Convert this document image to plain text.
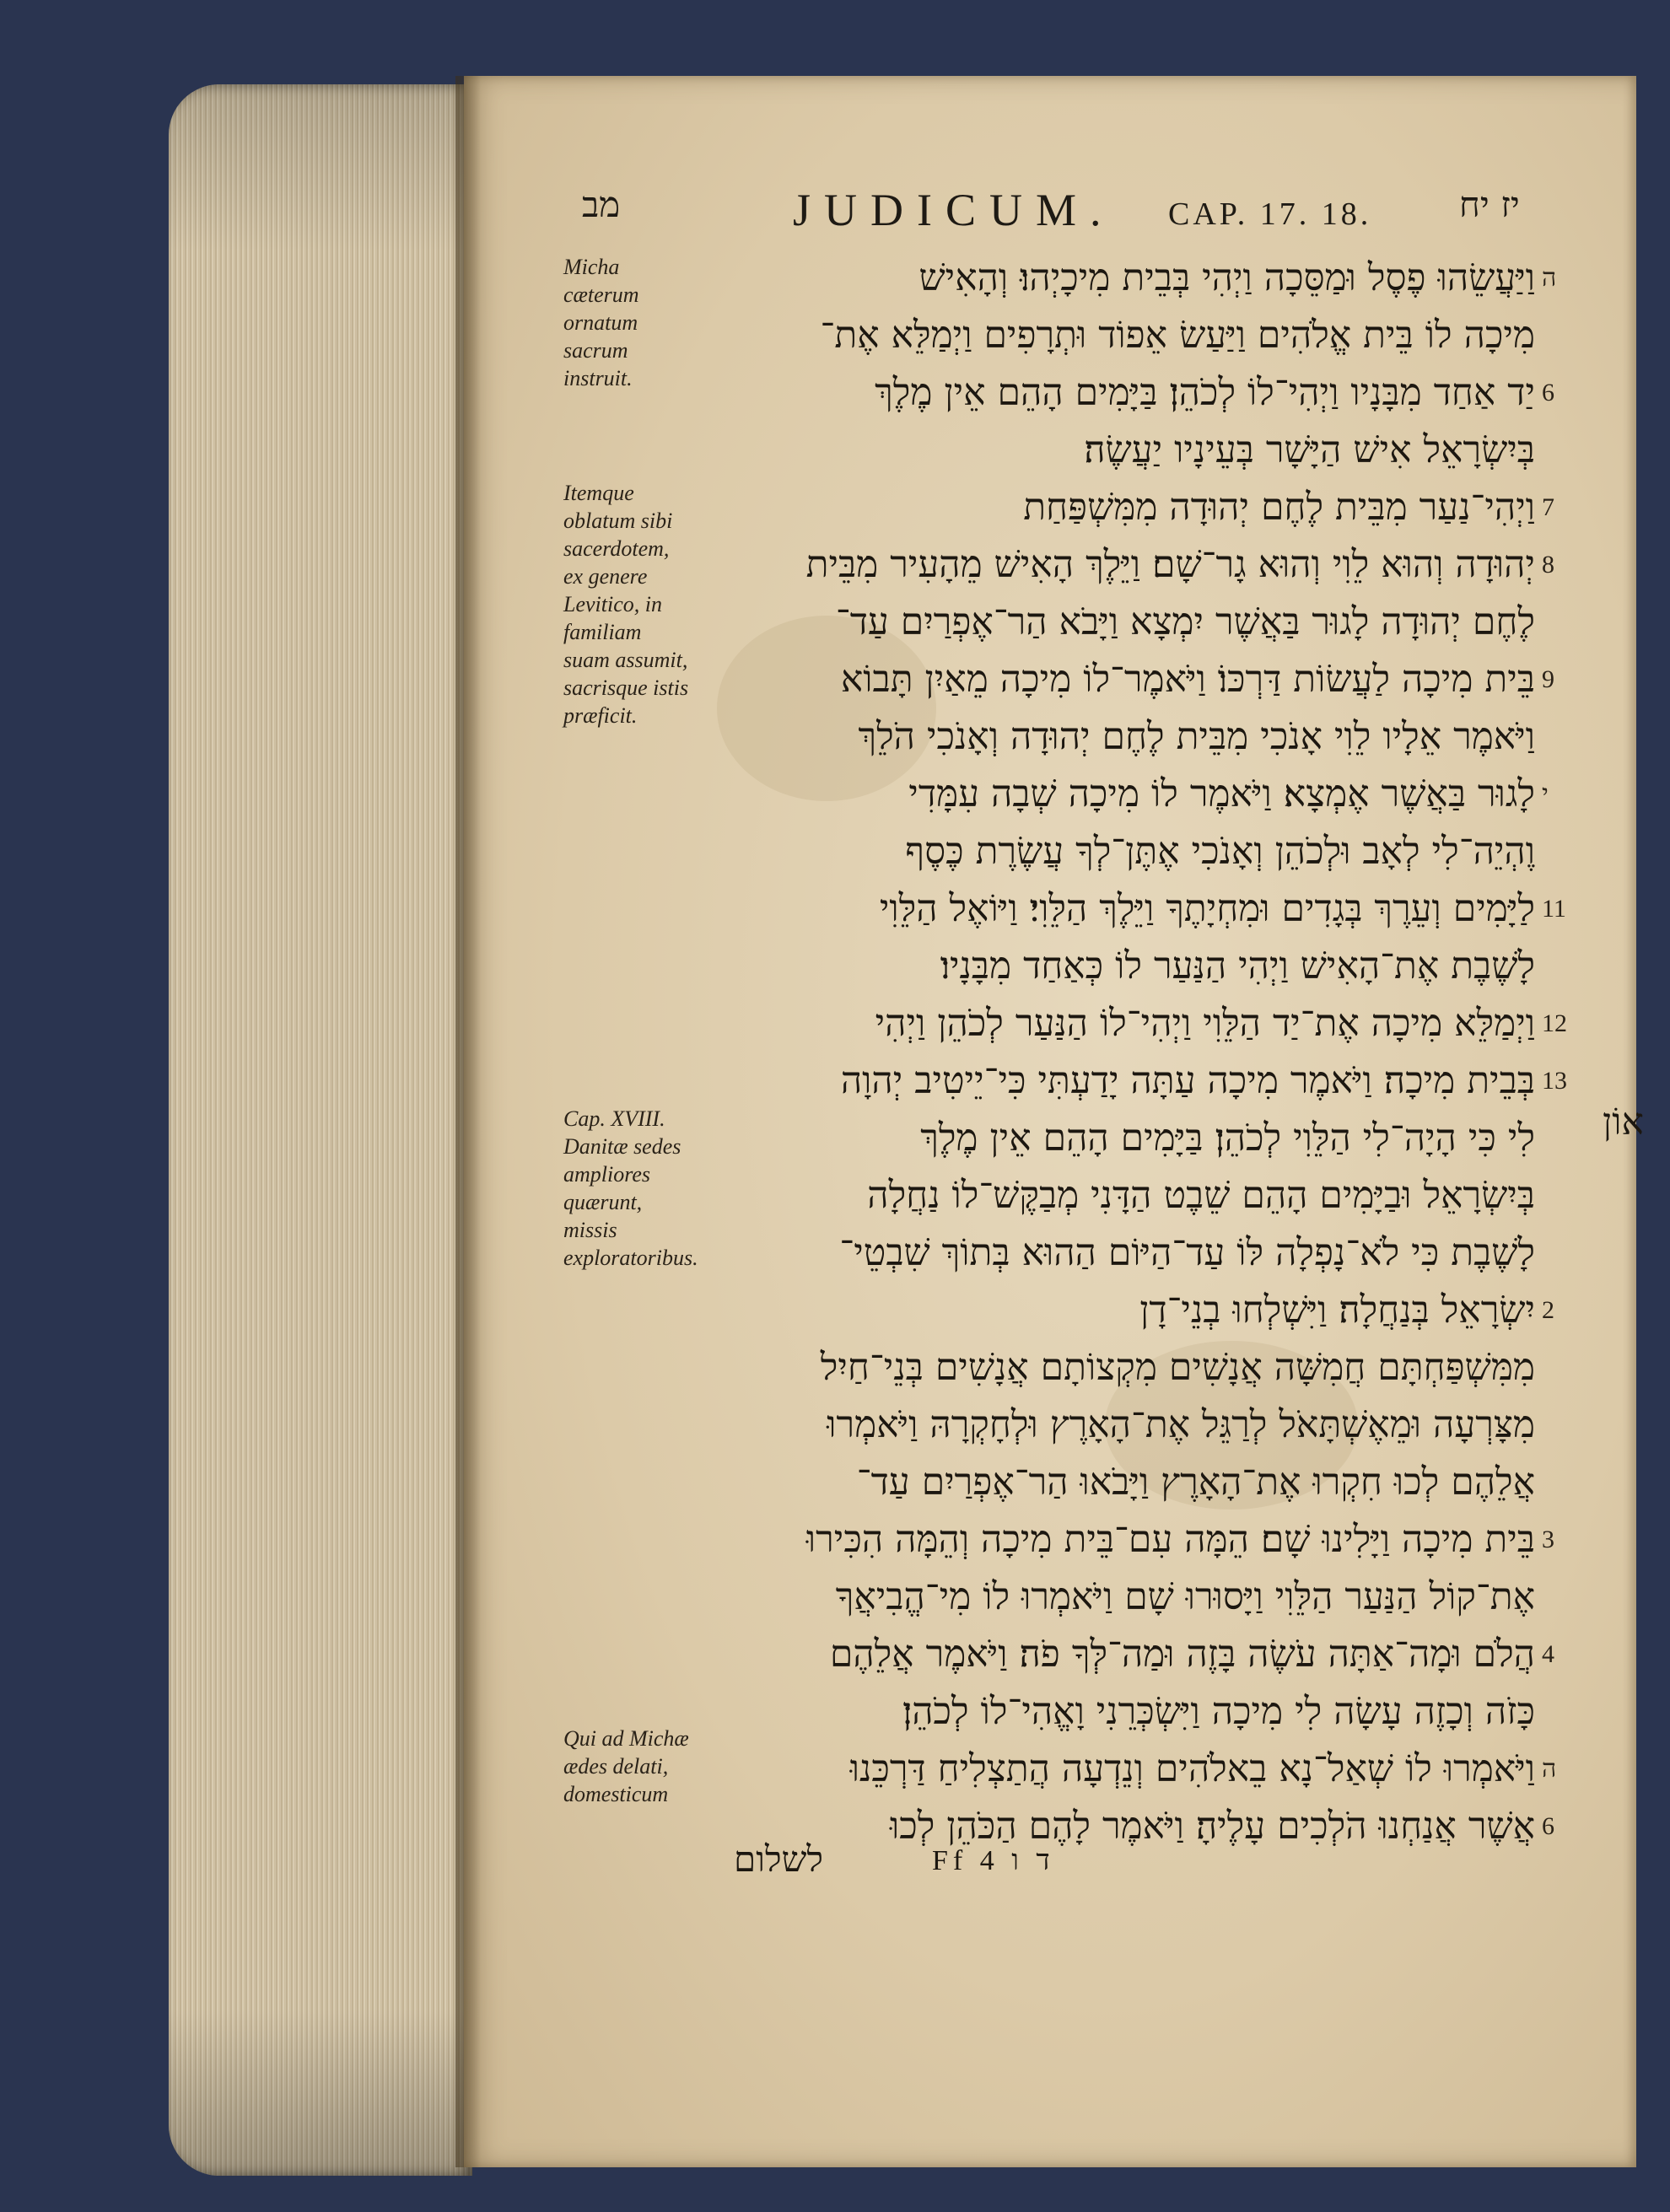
מב	JUDICUM. CAP. 17. 18. יז יח
Micha cæterum ornatum sacrum instruit.
Itemque oblatum sibi sacerdotem, ex genere Levitico, in familiam suam assumit, sacrisque istis præficit.
Cap. XVIII. Danitæ sedes ampliores quærunt, missis exploratoribus.
Qui ad Michæ ædes delati, domesticum
וַיַּעֲשֵׂהוּ פֶסֶל וּמַסֵּכָה וַיְהִי בְּבֵית מִיכָיְהוּ׃ וְהָאִישׁ ה
מִיכָה לוֹ בֵּית אֱלֹהִים וַיַּעַשׂ אֵפוֹד וּתְרָפִים וַיְמַלֵּא אֶת־
יַד אַחַד מִבָּנָיו וַיְהִי־לוֹ לְכֹהֵן׃ בַּיָּמִים הָהֵם אֵין מֶלֶךְ 6
בְּיִשְׂרָאֵל אִישׁ הַיָּשָׁר בְּעֵינָיו יַעֲשֶׂה׃
וַיְהִי־נַעַר מִבֵּית לֶחֶם יְהוּדָה מִמִּשְׁפַּחַת 7
יְהוּדָה וְהוּא לֵוִי וְהוּא גָר־שָׁם׃ וַיֵּלֶךְ הָאִישׁ מֵהָעִיר מִבֵּית 8
לֶחֶם יְהוּדָה לָגוּר בַּאֲשֶׁר יִמְצָא וַיָּבֹא הַר־אֶפְרַיִם עַד־
בֵּית מִיכָה לַעֲשׂוֹת דַּרְכּוֹ׃ וַיֹּאמֶר־לוֹ מִיכָה מֵאַיִן תָּבוֹא 9
וַיֹּאמֶר אֵלָיו לֵוִי אָנֹכִי מִבֵּית לֶחֶם יְהוּדָה וְאָנֹכִי הֹלֵךְ
לָגוּר בַּאֲשֶׁר אֶמְצָא׃ וַיֹּאמֶר לוֹ מִיכָה שְׁבָה עִמָּדִי י
וֶהְיֵה־לִי לְאָב וּלְכֹהֵן וְאָנֹכִי אֶתֶּן־לְךָ עֲשֶׂרֶת כֶּסֶף
לַיָּמִים וְעֵרֶךְ בְּגָדִים וּמִחְיָתֶךָ וַיֵּלֶךְ הַלֵּוִי׃ וַיּוֹאֶל הַלֵּוִי 11
לָשֶׁבֶת אֶת־הָאִישׁ וַיְהִי הַנַּעַר לוֹ כְּאַחַד מִבָּנָיו׃
וַיְמַלֵּא מִיכָה אֶת־יַד הַלֵּוִי וַיְהִי־לוֹ הַנַּעַר לְכֹהֵן וַיְהִי 12
בְּבֵית מִיכָה׃ וַיֹּאמֶר מִיכָה עַתָּה יָדַעְתִּי כִּי־יֵיטִיב יְהוָה 13
לִי כִּי הָיָה־לִי הַלֵּוִי לְכֹהֵן׃ בַּיָּמִים הָהֵם אֵין מֶלֶךְ
בְּיִשְׂרָאֵל וּבַיָּמִים הָהֵם שֵׁבֶט הַדָּנִי מְבַקֶּשׁ־לוֹ נַחֲלָה
לָשֶׁבֶת כִּי לֹא־נָפְלָה לּוֹ עַד־הַיּוֹם הַהוּא בְּתוֹךְ שִׁבְטֵי־
יִשְׂרָאֵל בְּנַחֲלָה׃ וַיִּשְׁלְחוּ בְנֵי־דָן 2
מִמִּשְׁפַּחְתָּם חֲמִשָּׁה אֲנָשִׁים מִקְצוֹתָם אֲנָשִׁים בְּנֵי־חַיִל
מִצָּרְעָה וּמֵאֶשְׁתָּאֹל לְרַגֵּל אֶת־הָאָרֶץ וּלְחָקְרָהּ וַיֹּאמְרוּ
אֲלֵהֶם לְכוּ חִקְרוּ אֶת־הָאָרֶץ וַיָּבֹאוּ הַר־אֶפְרַיִם עַד־
בֵּית מִיכָה וַיָּלִינוּ שָׁם׃ הֵמָּה עִם־בֵּית מִיכָה וְהֵמָּה הִכִּירוּ 3
אֶת־קוֹל הַנַּעַר הַלֵּוִי וַיָּסוּרוּ שָׁם וַיֹּאמְרוּ לוֹ מִי־הֱבִיאֲךָ
הֲלֹם וּמָה־אַתָּה עֹשֶׂה בָּזֶה וּמַה־לְּךָ פֹה׃ וַיֹּאמֶר אֲלֵהֶם 4
כָּזֹה וְכָזֶה עָשָׂה לִי מִיכָה וַיִּשְׂכְּרֵנִי וָאֱהִי־לוֹ לְכֹהֵן׃
וַיֹּאמְרוּ לוֹ שְׁאַל־נָא בֵאלֹהִים וְנֵדְעָה הֲתַצְלִיחַ דַּרְכֵּנוּ ה
אֲשֶׁר אֲנַחְנוּ הֹלְכִים עָלֶיהָ׃ וַיֹּאמֶר לָהֶם הַכֹּהֵן לְכוּ 6
אוֹן
לשלום	Ff 4 ד ו
